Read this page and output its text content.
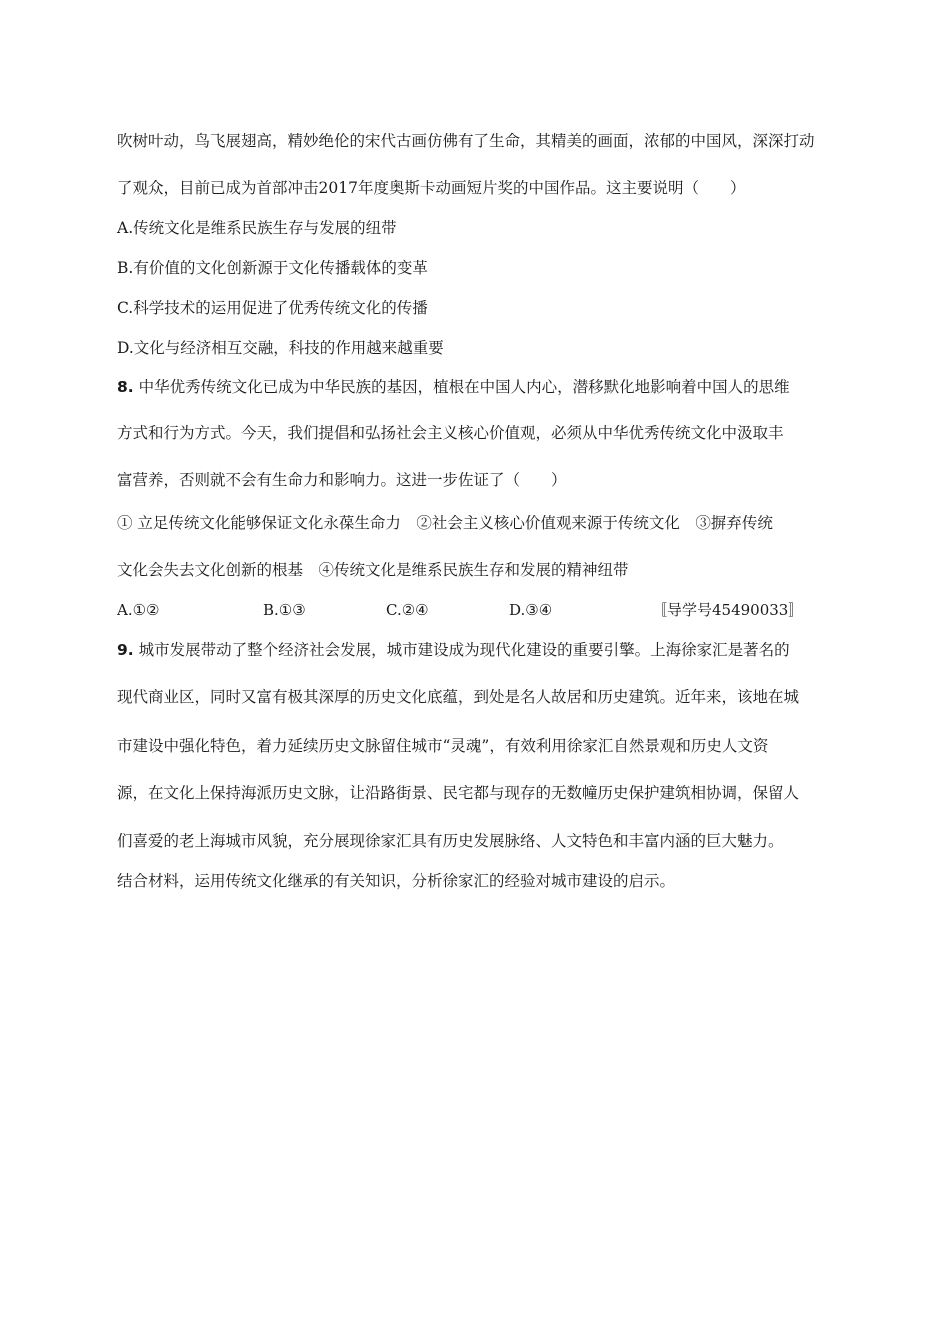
吹树叶动，鸟飞展翅高，精妙绝伦的宋代古画仿佛有了生命，其精美的画面，浓郁的中国风，深深打动
了观众，目前已成为首部冲击2017年度奥斯卡动画短片奖的中国作品。这主要说明（　　）
A.传统文化是维系民族生存与发展的纽带
B.有价值的文化创新源于文化传播载体的变革
C.科学技术的运用促进了优秀传统文化的传播
D.文化与经济相互交融，科技的作用越来越重要
8. 中华优秀传统文化已成为中华民族的基因，植根在中国人内心，潜移默化地影响着中国人的思维
方式和行为方式。今天，我们提倡和弘扬社会主义核心价值观，必须从中华优秀传统文化中汲取丰
富营养，否则就不会有生命力和影响力。这进一步佐证了（　　）
① 立足传统文化能够保证文化永葆生命力　②社会主义核心价值观来源于传统文化　③摒弃传统
文化会失去文化创新的根基　④传统文化是维系民族生存和发展的精神纽带
A.①②	B.①③	C.②④	D.③④	〚导学号45490033〛
9. 城市发展带动了整个经济社会发展，城市建设成为现代化建设的重要引擎。上海徐家汇是著名的
现代商业区，同时又富有极其深厚的历史文化底蕴，到处是名人故居和历史建筑。近年来，该地在城
市建设中强化特色，着力延续历史文脉留住城市“灵魂”，有效利用徐家汇自然景观和历史人文资
源，在文化上保持海派历史文脉，让沿路街景、民宅都与现存的无数幢历史保护建筑相协调，保留人
们喜爱的老上海城市风貌，充分展现徐家汇具有历史发展脉络、人文特色和丰富内涵的巨大魅力。
结合材料，运用传统文化继承的有关知识，分析徐家汇的经验对城市建设的启示。
